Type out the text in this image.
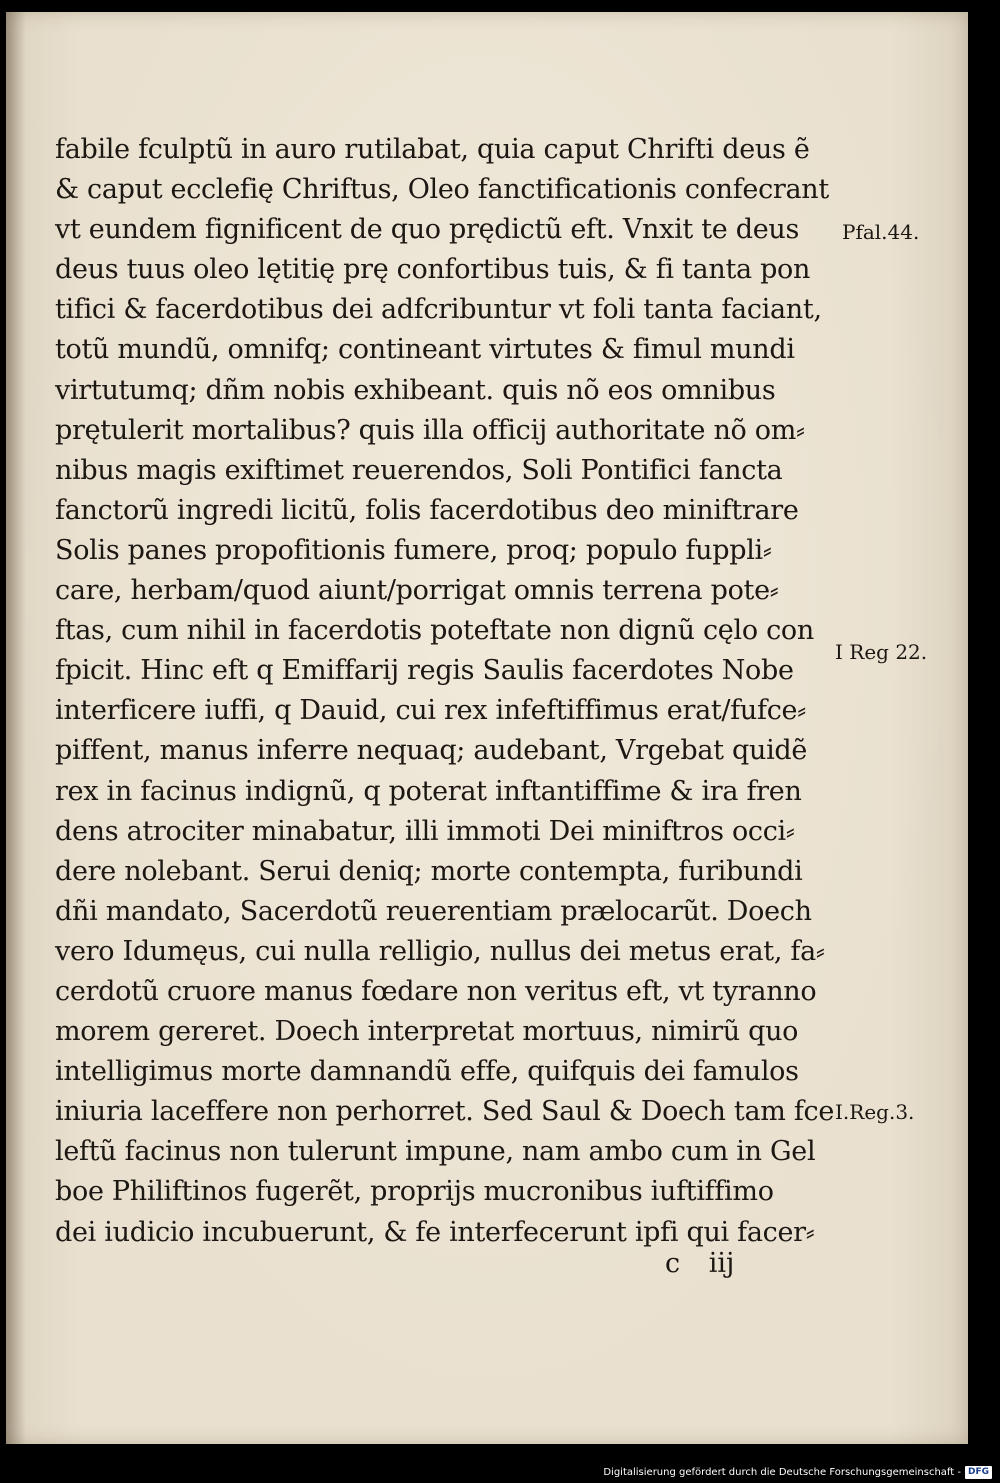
fabile fculptũ in auro rutilabat, quia caput Chrifti deus ẽ
& caput ecclefię Chriftus, Oleo fanctificationis confecrant
vt eundem fignificent de quo prędictũ eft. Vnxit te deus
deus tuus oleo lętitię prę confortibus tuis, & fi tanta pon
tifici & facerdotibus dei adfcribuntur vt foli tanta faciant,
totũ mundũ, omnifq; contineant virtutes & fimul mundi
virtutumq; dñm nobis exhibeant. quis nõ eos omnibus
prętulerit mortalibus? quis illa officij authoritate nõ om⸗
nibus magis exiftimet reuerendos, Soli Pontifici fancta
fanctorũ ingredi licitũ, folis facerdotibus deo miniftrare
Solis panes propofitionis fumere, proq; populo fuppli⸗
care, herbam/quod aiunt/porrigat omnis terrena pote⸗
ftas, cum nihil in facerdotis poteftate non dignũ cęlo con
fpicit. Hinc eft q Emiffarij regis Saulis facerdotes Nobe
interficere iuffi, q Dauid, cui rex infeftiffimus erat/fufce⸗
piffent, manus inferre nequaq; audebant, Vrgebat quidẽ
rex in facinus indignũ, q poterat inftantiffime & ira fren
dens atrociter minabatur, illi immoti Dei miniftros occi⸗
dere nolebant. Serui deniq; morte contempta, furibundi
dñi mandato, Sacerdotũ reuerentiam prælocarũt. Doech
vero Idumęus, cui nulla relligio, nullus dei metus erat, fa⸗
cerdotũ cruore manus fœdare non veritus eft, vt tyranno
morem gereret. Doech interpretat mortuus, nimirũ quo
intelligimus morte damnandũ effe, quifquis dei famulos
iniuria laceffere non perhorret. Sed Saul & Doech tam fce
leftũ facinus non tulerunt impune, nam ambo cum in Gel
boe Philiftinos fugerẽt, proprijs mucronibus iuftiffimo
dei iudicio incubuerunt, & fe interfecerunt ipfi qui facer⸗
Pfal.44.
I Reg 22.
I.Reg.3.
c iij
Digitalisierung gefördert durch die Deutsche Forschungsgemeinschaft - DFG
